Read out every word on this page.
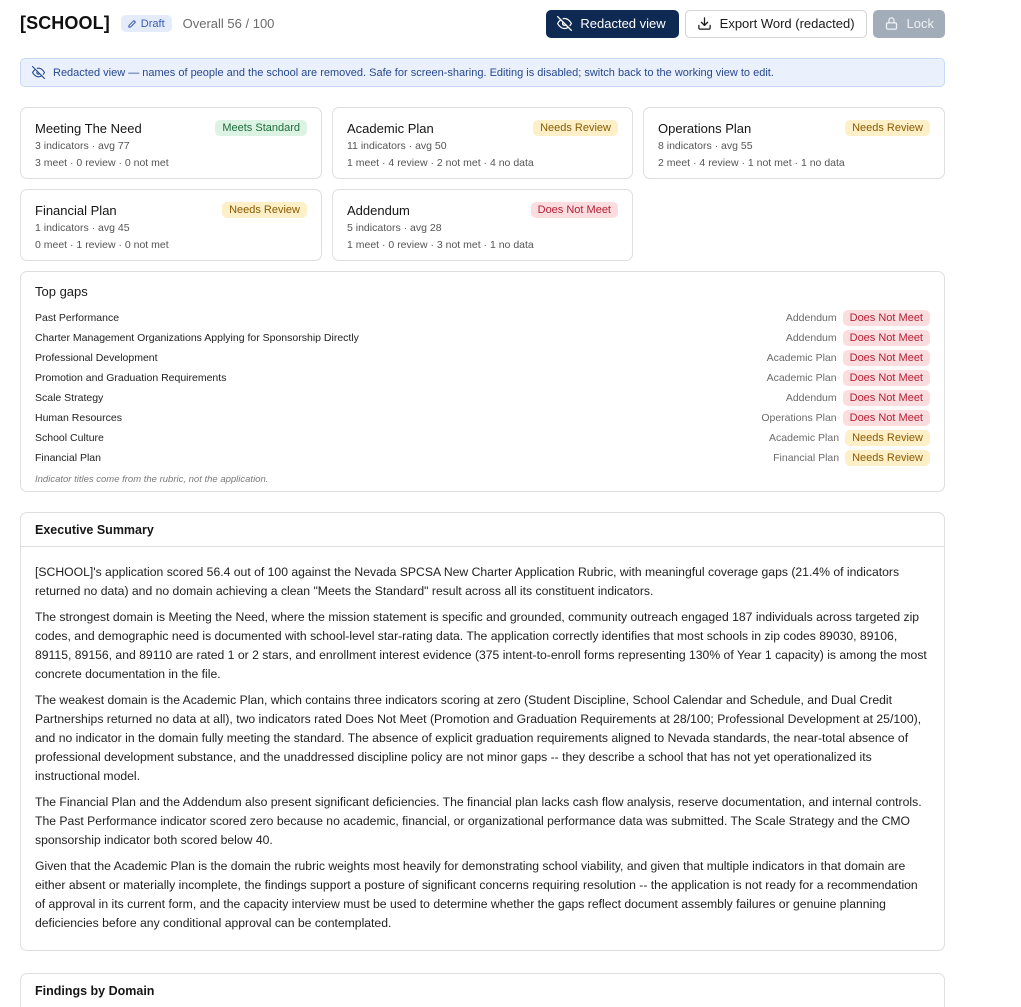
[SCHOOL]	Draft Overall 56 / 100	Redacted view	Export Word (redacted)	Lock
Redacted view — names of people and the school are removed. Safe for screen-sharing. Editing is disabled; switch back to the working view to edit.
Meeting The Need	Meets Standard
3 indicators · avg 77
3 meet · 0 review · 0 not met
Academic Plan	Needs Review
11 indicators · avg 50
1 meet · 4 review · 2 not met · 4 no data
Operations Plan	Needs Review
8 indicators · avg 55
2 meet · 4 review · 1 not met · 1 no data
Financial Plan	Needs Review
1 indicators · avg 45
0 meet · 1 review · 0 not met
Addendum	Does Not Meet
5 indicators · avg 28
1 meet · 0 review · 3 not met · 1 no data
Top gaps
Past Performance	Addendum	Does Not Meet
Charter Management Organizations Applying for Sponsorship Directly	Addendum	Does Not Meet
Professional Development	Academic Plan	Does Not Meet
Promotion and Graduation Requirements	Academic Plan	Does Not Meet
Scale Strategy	Addendum	Does Not Meet
Human Resources	Operations Plan	Does Not Meet
School Culture	Academic Plan	Needs Review
Financial Plan	Financial Plan	Needs Review
Indicator titles come from the rubric, not the application.
Executive Summary

[SCHOOL]'s application scored 56.4 out of 100 against the Nevada SPCSA New Charter Application Rubric, with meaningful coverage gaps (21.4% of indicators returned no data) and no domain achieving a clean "Meets the Standard" result across all its constituent indicators.

The strongest domain is Meeting the Need, where the mission statement is specific and grounded, community outreach engaged 187 individuals across targeted zip codes, and demographic need is documented with school-level star-rating data. The application correctly identifies that most schools in zip codes 89030, 89106, 89115, 89156, and 89110 are rated 1 or 2 stars, and enrollment interest evidence (375 intent-to-enroll forms representing 130% of Year 1 capacity) is among the most concrete documentation in the file.

The weakest domain is the Academic Plan, which contains three indicators scoring at zero (Student Discipline, School Calendar and Schedule, and Dual Credit Partnerships returned no data at all), two indicators rated Does Not Meet (Promotion and Graduation Requirements at 28/100; Professional Development at 25/100), and no indicator in the domain fully meeting the standard. The absence of explicit graduation requirements aligned to Nevada standards, the near-total absence of professional development substance, and the unaddressed discipline policy are not minor gaps -- they describe a school that has not yet operationalized its instructional model.

The Financial Plan and the Addendum also present significant deficiencies. The financial plan lacks cash flow analysis, reserve documentation, and internal controls. The Past Performance indicator scored zero because no academic, financial, or organizational performance data was submitted. The Scale Strategy and the CMO sponsorship indicator both scored below 40.

Given that the Academic Plan is the domain the rubric weights most heavily for demonstrating school viability, and given that multiple indicators in that domain are either absent or materially incomplete, the findings support a posture of significant concerns requiring resolution -- the application is not ready for a recommendation of approval in its current form, and the capacity interview must be used to determine whether the gaps reflect document assembly failures or genuine planning deficiencies before any conditional approval can be contemplated.

Findings by Domain
